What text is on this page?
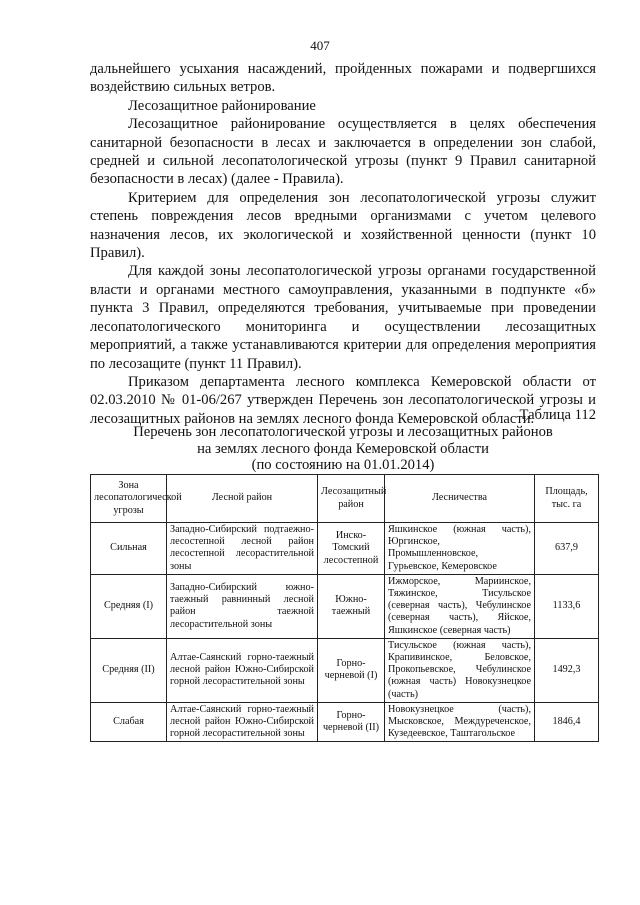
407

дальнейшего усыхания насаждений, пройденных пожарами и подвергшихся воздействию сильных ветров.

Лесозащитное районирование

Лесозащитное районирование осуществляется в целях обеспечения санитарной безопасности в лесах и заключается в определении зон слабой, средней и сильной лесопатологической угрозы (пункт 9 Правил санитарной безопасности в лесах) (далее - Правила).

Критерием для определения зон лесопатологической угрозы служит степень повреждения лесов вредными организмами с учетом целевого назначения лесов, их экологической и хозяйственной ценности (пункт 10 Правил).

Для каждой зоны лесопатологической угрозы органами государственной власти и органами местного самоуправления, указанными в подпункте «б» пункта 3 Правил, определяются требования, учитываемые при проведении лесопатологического мониторинга и осуществлении лесозащитных мероприятий, а также устанавливаются критерии для определения мероприятия по лесозащите (пункт 11 Правил).

Приказом департамента лесного комплекса Кемеровской области от 02.03.2010 № 01-06/267 утвержден Перечень зон лесопатологической угрозы и лесозащитных районов на землях лесного фонда Кемеровской области.

Таблица 112
Перечень зон лесопатологической угрозы и лесозащитных районов
на землях лесного фонда Кемеровской области
(по состоянию на 01.01.2014)
Зона лесопатологической угрозы	Лесной район	Лесозащитный район	Лесничества	Площадь, тыс. га
Сильная	Западно-Сибирский подтаежно-лесостепной лесной район лесостепной лесорастительной зоны	Инско-Томский лесостепной	Яшкинское (южная часть), Юргинское, Промышленновское, Гурьевское, Кемеровское	637,9
Средняя (I)	Западно-Сибирский южно-таежный равнинный лесной район таежной лесорастительной зоны	Южно-таежный	Ижморское, Мариинское, Тяжинское, Тисульское (северная часть), Чебулинское (северная часть), Яйское, Яшкинское (северная часть)	1133,6
Средняя (II)	Алтае-Саянский горно-таежный лесной район Южно-Сибирской горной лесорастительной зоны	Горно-черневой (I)	Тисульское (южная часть), Крапивинское, Беловское, Прокопьевское, Чебулинское (южная часть) Новокузнецкое (часть)	1492,3
Слабая	Алтае-Саянский горно-таежный лесной район Южно-Сибирской горной лесорастительной зоны	Горно-черневой (II)	Новокузнецкое (часть), Мысковское, Междуреченское, Кузедеевское, Таштагольское	1846,4
